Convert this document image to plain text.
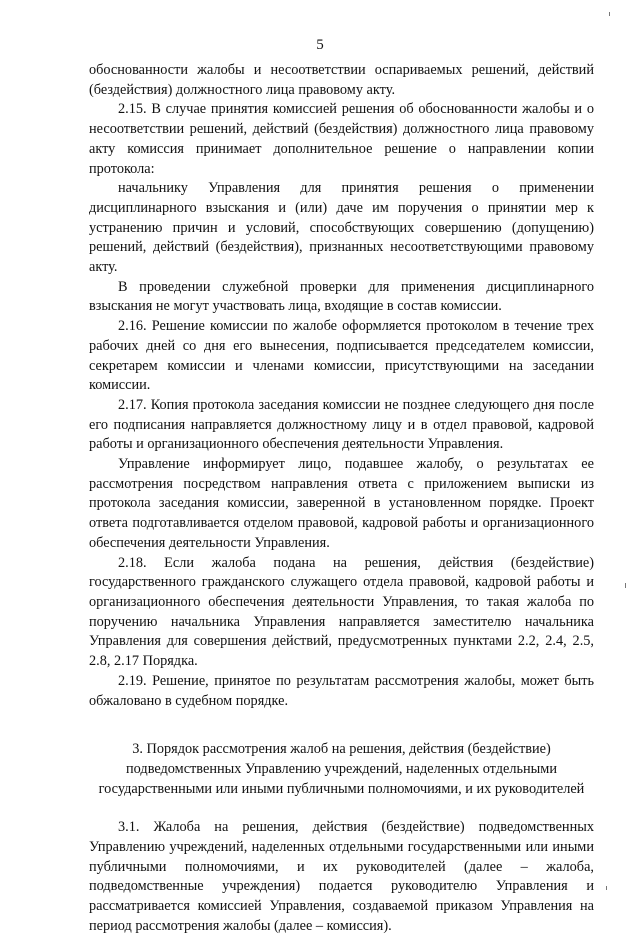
5

обоснованности жалобы и несоответствии оспариваемых решений, действий (бездействия) должностного лица правовому акту.

2.15. В случае принятия комиссией решения об обоснованности жалобы и о несоответствии решений, действий (бездействия) должностного лица правовому акту комиссия принимает дополнительное решение о направлении копии протокола:

начальнику Управления для принятия решения о применении дисциплинарного взыскания и (или) даче им поручения о принятии мер к устранению причин и условий, способствующих совершению (допущению) решений, действий (бездействия), признанных несоответствующими правовому акту.

В проведении служебной проверки для применения дисциплинарного взыскания не могут участвовать лица, входящие в состав комиссии.

2.16. Решение комиссии по жалобе оформляется протоколом в течение трех рабочих дней со дня его вынесения, подписывается председателем комиссии, секретарем комиссии и членами комиссии, присутствующими на заседании комиссии.

2.17. Копия протокола заседания комиссии не позднее следующего дня после его подписания направляется должностному лицу и в отдел правовой, кадровой работы и организационного обеспечения деятельности Управления.

Управление информирует лицо, подавшее жалобу, о результатах ее рассмотрения посредством направления ответа с приложением выписки из протокола заседания комиссии, заверенной в установленном порядке. Проект ответа подготавливается отделом правовой, кадровой работы и организационного обеспечения деятельности Управления.

2.18. Если жалоба подана на решения, действия (бездействие) государственного гражданского служащего отдела правовой, кадровой работы и организационного обеспечения деятельности Управления, то такая жалоба по поручению начальника Управления направляется заместителю начальника Управления для совершения действий, предусмотренных пунктами 2.2, 2.4, 2.5, 2.8, 2.17 Порядка.

2.19. Решение, принятое по результатам рассмотрения жалобы, может быть обжаловано в судебном порядке.

3. Порядок рассмотрения жалоб на решения, действия (бездействие) подведомственных Управлению учреждений, наделенных отдельными государственными или иными публичными полномочиями, и их руководителей

3.1. Жалоба на решения, действия (бездействие) подведомственных Управлению учреждений, наделенных отдельными государственными или иными публичными полномочиями, и их руководителей (далее – жалоба, подведомственные учреждения) подается руководителю Управления и рассматривается комиссией Управления, создаваемой приказом Управления на период рассмотрения жалобы (далее – комиссия).
